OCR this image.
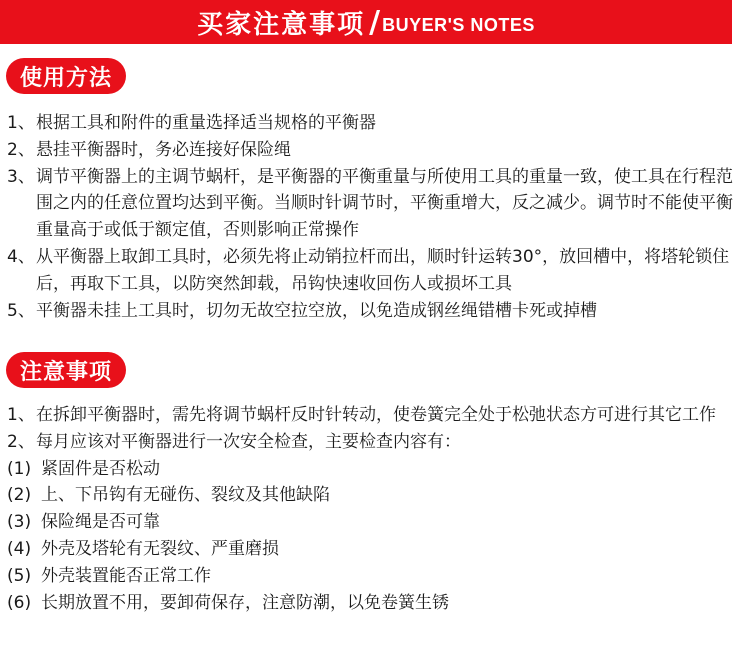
买家注意事项 / BUYER'S NOTES
使用方法
1、 根据工具和附件的重量选择适当规格的平衡器
2、 悬挂平衡器时，务必连接好保险绳
3、 调节平衡器上的主调节蜗杆，是平衡器的平衡重量与所使用工具的重量一致，使工具在行程范围之内的任意位置均达到平衡。当顺时针调节时，平衡重增大，反之减少。调节时不能使平衡重量高于或低于额定值，否则影响正常操作
4、 从平衡器上取卸工具时，必须先将止动销拉杆而出，顺时针运转30°，放回槽中，将塔轮锁住后，再取下工具，以防突然卸载，吊钩快速收回伤人或损坏工具
5、 平衡器未挂上工具时，切勿无故空拉空放，以免造成钢丝绳错槽卡死或掉槽
注意事项
1、 在拆卸平衡器时，需先将调节蜗杆反时针转动，使卷簧完全处于松弛状态方可进行其它工作
2、 每月应该对平衡器进行一次安全检查，主要检查内容有：
(1) 紧固件是否松动
(2) 上、下吊钩有无碰伤、裂纹及其他缺陷
(3) 保险绳是否可靠
(4) 外壳及塔轮有无裂纹、严重磨损
(5) 外壳装置能否正常工作
(6) 长期放置不用，要卸荷保存，注意防潮，以免卷簧生锈
